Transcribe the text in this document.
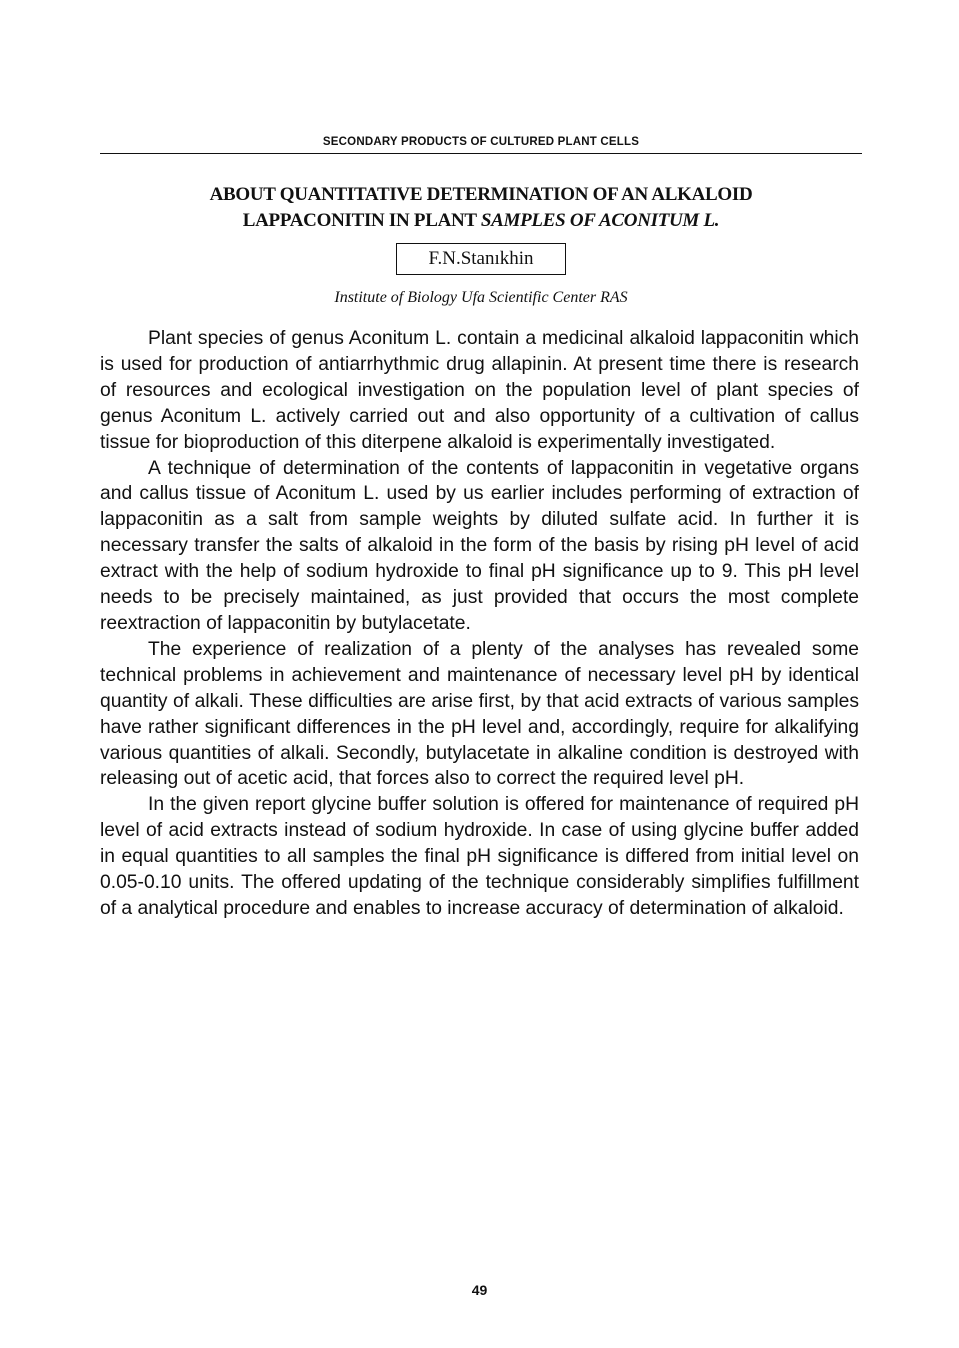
SECONDARY PRODUCTS OF CULTURED PLANT CELLS
ABOUT QUANTITATIVE DETERMINATION OF AN ALKALOID
LAPPACONITIN IN PLANT SAMPLES OF ACONITUM L.
F.N.Stanıkhin
Institute of Biology Ufa Scientific Center RAS

Plant species of genus Aconitum L. contain a medicinal alkaloid lappaconitin which is used for production of antiarrhythmic drug allapinin. At present time there is research of resources and ecological investigation on the population level of plant species of genus Aconitum L. actively carried out and also opportunity of a cultivation of callus tissue for bioproduction of this diterpene alkaloid is experimentally investigated.

A technique of determination of the contents of lappaconitin in vegetative organs and callus tissue of Aconitum L. used by us earlier includes performing of extraction of lappaconitin as a salt from sample weights by diluted sulfate acid. In further it is necessary transfer the salts of alkaloid in the form of the basis by rising pH level of acid extract with the help of sodium hydroxide to final pH significance up to 9. This pH level needs to be precisely maintained, as just provided that occurs the most complete reextraction of lappaconitin by butylacetate.

The experience of realization of a plenty of the analyses has revealed some technical problems in achievement and maintenance of necessary level pH by identical quantity of alkali. These difficulties are arise first, by that acid extracts of various samples have rather significant differences in the pH level and, accordingly, require for alkalifying various quantities of alkali. Secondly, butylacetate in alkaline condition is destroyed with releasing out of acetic acid, that forces also to correct the required level pH.

In the given report glycine buffer solution is offered for maintenance of required pH level of acid extracts instead of sodium hydroxide. In case of using glycine buffer added in equal quantities to all samples the final pH significance is differed from initial level on 0.05-0.10 units. The offered updating of the technique considerably simplifies fulfillment of a analytical procedure and enables to increase accuracy of determination of alkaloid.

49
